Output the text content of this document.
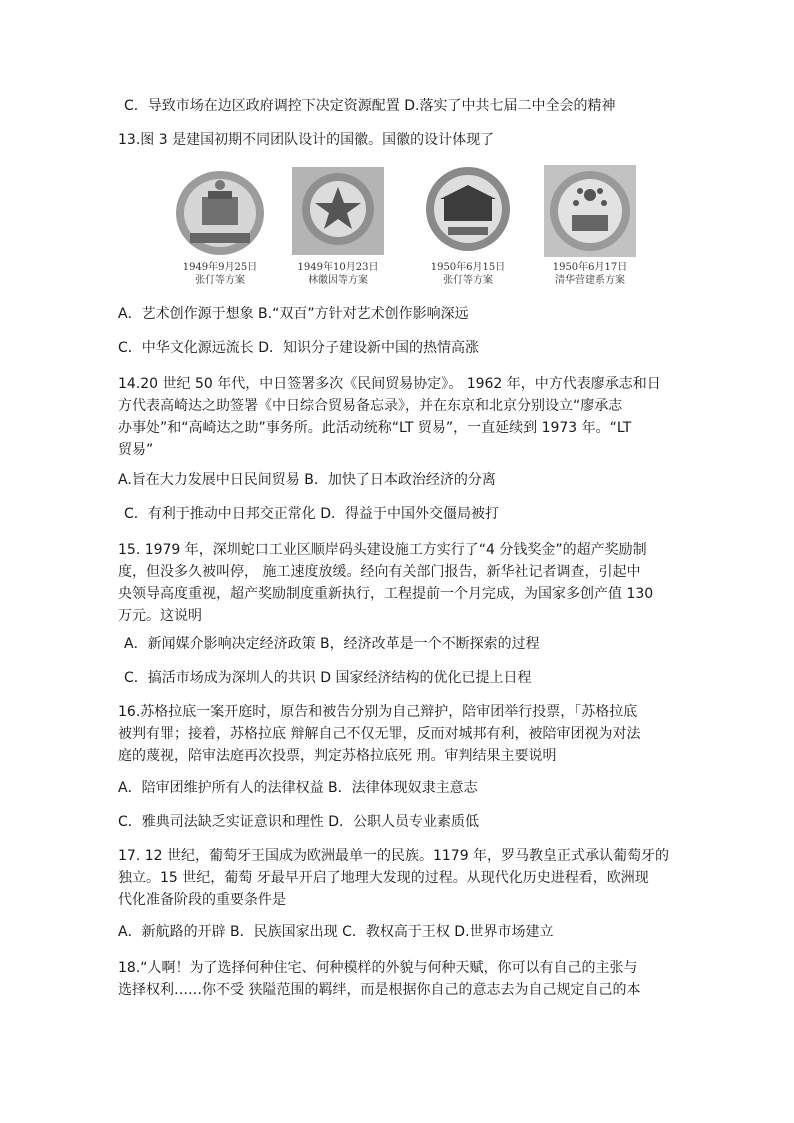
C．导致市场在边区政府调控下决定资源配置 D.落实了中共七届二中全会的精神
13.图 3 是建国初期不同团队设计的国徽。国徽的设计体现了
1949年9月25日
张仃等方案
1949年10月23日
林徽因等方案
1950年6月15日
张仃等方案
1950年6月17日
清华营建系方案
A．艺术创作源于想象 B.“双百”方针对艺术创作影响深远
C．中华文化源远流长 D．知识分子建设新中国的热情高涨
14.20 世纪 50 年代，中日签署多次《民间贸易协定》。 1962 年，中方代表廖承志和日
方代表高崎达之助签署《中日综合贸易备忘录》，并在东京和北京分别设立“廖承志
办事处”和“高崎达之助”事务所。此活动统称“LT 贸易”，一直延续到 1973 年。“LT
贸易”
A.旨在大力发展中日民间贸易 B．加快了日本政治经济的分离
C．有利于推动中日邦交正常化 D．得益于中国外交僵局被打
15. 1979 年，深圳蛇口工业区顺岸码头建设施工方实行了“4 分钱奖金”的超产奖励制
度，但没多久被叫停， 施工速度放缓。经向有关部门报告，新华社记者调查，引起中
央领导高度重视，超产奖励制度重新执行，工程提前一个月完成，为国家多创产值 130
万元。这说明
A．新闻媒介影响决定经济政策 B，经济改革是一个不断探索的过程
C．搞活市场成为深圳人的共识 D 国家经济结构的优化已提上日程
16.苏格拉底一案开庭时，原告和被告分别为自己辩护，陪审团举行投票，「苏格拉底
被判有罪；接着，苏格拉底 辩解自己不仅无罪，反而对城邦有利，被陪审团视为对法
庭的蔑视，陪审法庭再次投票，判定苏格拉底死 刑。审判结果主要说明
A．陪审团维护所有人的法律权益 B．法律体现奴隶主意志
C．雅典司法缺乏实证意识和理性 D．公职人员专业素质低
17. 12 世纪，葡萄牙王国成为欧洲最单一的民族。1179 年，罗马教皇正式承认葡萄牙的
独立。15 世纪，葡萄 牙最早开启了地理大发现的过程。从现代化历史进程看，欧洲现
代化准备阶段的重要条件是
A．新航路的开辟 B．民族国家出现 C．教权高于王权 D.世界市场建立
18.“人啊！为了选择何种住宅、何种模样的外貌与何种天赋，你可以有自己的主张与
选择权利……你不受 狭隘范围的羁绊，而是根据你自己的意志去为自己规定自己的本
